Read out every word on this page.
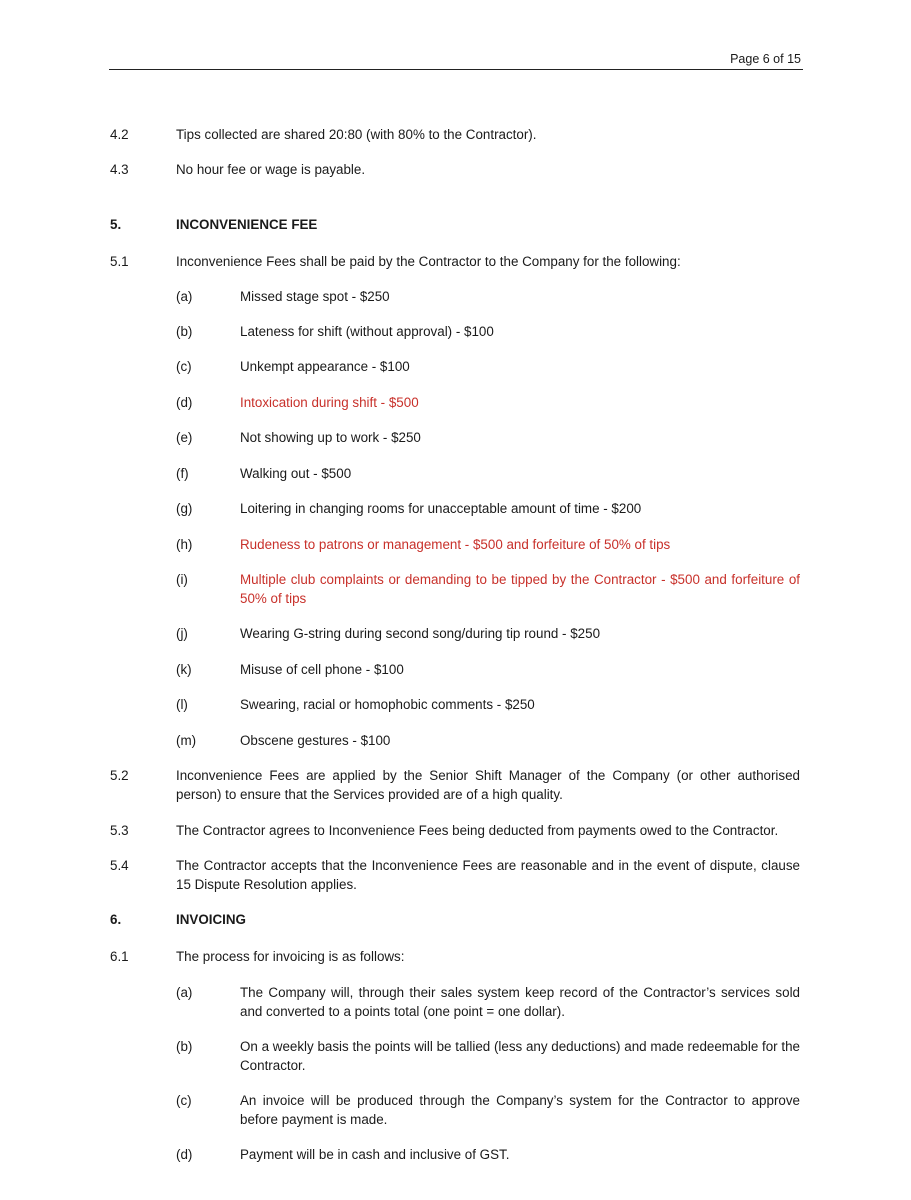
Page 6 of 15
4.2	Tips collected are shared 20:80 (with 80% to the Contractor).
4.3	No hour fee or wage is payable.
5.	INCONVENIENCE FEE
5.1	Inconvenience Fees shall be paid by the Contractor to the Company for the following:
(a)	Missed stage spot - $250
(b)	Lateness for shift (without approval) - $100
(c)	Unkempt appearance - $100
(d)	Intoxication during shift - $500
(e)	Not showing up to work - $250
(f)	Walking out - $500
(g)	Loitering in changing rooms for unacceptable amount of time - $200
(h)	Rudeness to patrons or management - $500 and forfeiture of 50% of tips
(i)	Multiple club complaints or demanding to be tipped by the Contractor - $500 and forfeiture of 50% of tips
(j)	Wearing G-string during second song/during tip round - $250
(k)	Misuse of cell phone - $100
(l)	Swearing, racial or homophobic comments - $250
(m)	Obscene gestures - $100
5.2	Inconvenience Fees are applied by the Senior Shift Manager of the Company (or other authorised person) to ensure that the Services provided are of a high quality.
5.3	The Contractor agrees to Inconvenience Fees being deducted from payments owed to the Contractor.
5.4	The Contractor accepts that the Inconvenience Fees are reasonable and in the event of dispute, clause 15 Dispute Resolution applies.
6.	INVOICING
6.1	The process for invoicing is as follows:
(a)	The Company will, through their sales system keep record of the Contractor’s services sold and converted to a points total (one point = one dollar).
(b)	On a weekly basis the points will be tallied (less any deductions) and made redeemable for the Contractor.
(c)	An invoice will be produced through the Company’s system for the Contractor to approve before payment is made.
(d)	Payment will be in cash and inclusive of GST.
